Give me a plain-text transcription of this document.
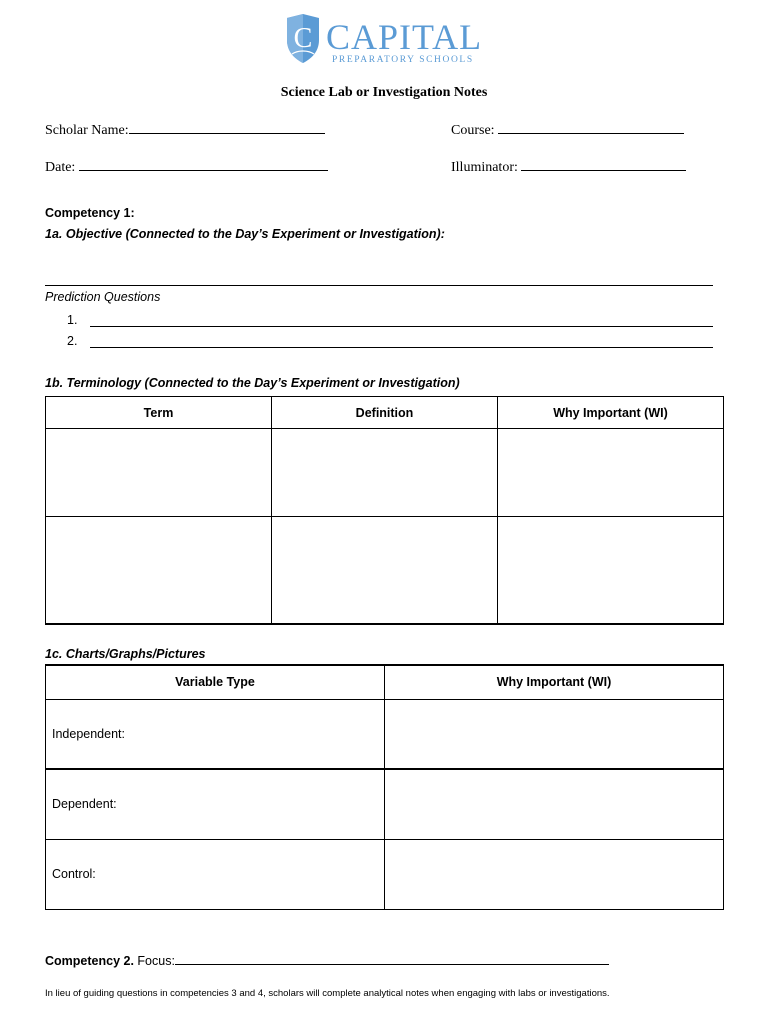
C CAPITAL
PREPARATORY SCHOOLS
Science Lab or Investigation Notes
Scholar Name:	Course:
Date:	Illuminator:
Competency 1:
1a. Objective (Connected to the Day’s Experiment or Investigation):
Prediction Questions
1.
2.
1b. Terminology (Connected to the Day’s Experiment or Investigation)
Term	Definition	Why Important (WI)

1c. Charts/Graphs/Pictures
Variable Type	Why Important (WI)
Independent:	
Dependent:	
Control:	
Competency 2. Focus:
In lieu of guiding questions in competencies 3 and 4, scholars will complete analytical notes when engaging with labs or investigations.
